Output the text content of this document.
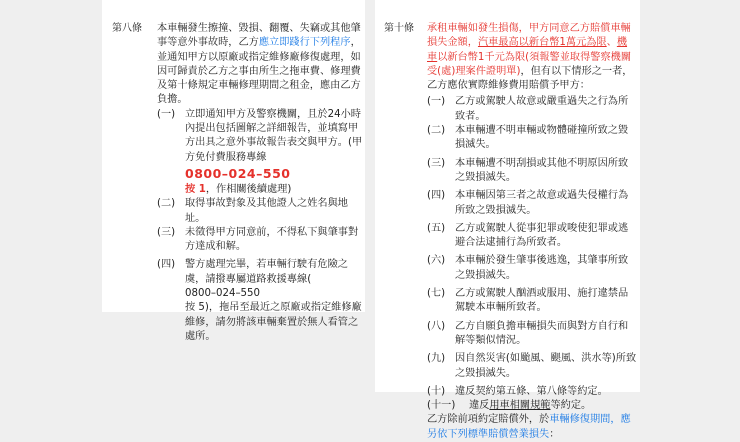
第八條 本車輛發生擦撞、毀損、翻覆、失竊或其他肇事等意外事故時，乙方應立即踐行下列程序，並通知甲方以原廠或指定維修廠修復處理，如因可歸責於乙方之事由所生之拖車費、修理費及第十條規定車輛修理期間之租金，應由乙方負擔。

(一) 立即通知甲方及警察機關，且於24小時內提出包括圖解之詳細報告，並填寫甲方出具之意外事故報告表交與甲方。(甲方免付費服務專線
0800–024–550
按 1，作相關後續處理)
(二) 取得事故對象及其他證人之姓名與地址。
(三) 未徵得甲方同意前，不得私下與肇事對方達成和解。
(四) 警方處理完畢，若車輛行駛有危險之虞，請撥專屬道路救援專線(
0800–024–550
按 5)，拖吊至最近之原廠或指定維修廠維修，請勿將該車輛棄置於無人看管之處所。
第十條 承租車輛如發生損傷，甲方同意乙方賠償車輛損失金額，汽車最高以新台幣1萬元為限、機車以新台幣1千元為限(須報警並取得警察機關受(處)理案件證明單)，但有以下情形之一者，乙方應依實際維修費用賠償予甲方：

(一) 乙方或駕駛人故意或嚴重過失之行為所致者。
(二) 本車輛遭不明車輛或物體碰撞所致之毀損滅失。
(三) 本車輛遭不明刮損或其他不明原因所致之毀損滅失。
(四) 本車輛因第三者之故意或過失侵權行為所致之毀損滅失。
(五) 乙方或駕駛人從事犯罪或唆使犯罪或逃避合法逮捕行為所致者。
(六) 本車輛於發生肇事後逃逸，其肇事所致之毀損滅失。
(七) 乙方或駕駛人酗酒或服用、施打違禁品駕駛本車輛所致者。
(八) 乙方自願負擔車輛損失而與對方自行和解等類似情況。
(九) 因自然災害(如颱風、颶風、洪水等)所致之毀損滅失。
(十) 違反契約第五條、第八條等約定。
(十一) 違反用車相關規範等約定。

乙方除前項約定賠償外，於車輛修復期間，應另依下列標準賠償營業損失：
